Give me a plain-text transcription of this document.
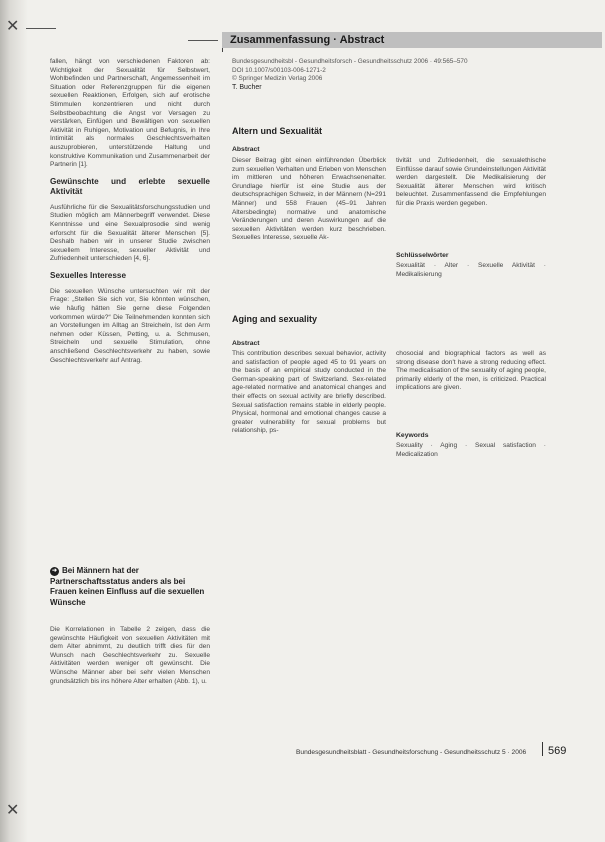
✕
✕
Zusammenfassung · Abstract
Bundesgesundheitsbl - Gesundheitsforsch - Gesundheitsschutz 2006 · 49:565–570
DOI 10.1007/s00103-006-1271-2
© Springer Medizin Verlag 2006
T. Bucher
Altern und Sexualität
Abstract

Dieser Beitrag gibt einen einführenden Überblick zum sexuellen Verhalten und Erleben von Menschen im mittleren und höheren Erwachsenenalter. Grundlage hierfür ist eine Studie aus der deutschsprachigen Schweiz, in der Männern (N=291 Männer) und 558 Frauen (45–91 Jahren Altersbedingte) normative und anatomische Veränderungen und deren Auswirkungen auf die sexuellen Aktivitäten werden kurz beschrieben. Sexuelles Interesse, sexuelle Ak-

tivität und Zufriedenheit, die sexualethische Einflüsse darauf sowie Grundeinstellungen Aktivität werden dargestellt. Die Medikalisierung der Sexualität älterer Menschen wird kritisch beleuchtet. Zusammenfassend die Empfehlungen für die Praxis werden gegeben.

Schlüsselwörter
Sexualität · Alter · Sexuelle Aktivität · Medikalisierung
Aging and sexuality
Abstract

This contribution describes sexual behavior, activity and satisfaction of people aged 45 to 91 years on the basis of an empirical study conducted in the German-speaking part of Switzerland. Sex-related age-related normative and anatomical changes and their effects on sexual activity are briefly described. Sexual satisfaction remains stable in elderly people. Physical, hormonal and emotional changes cause a greater vulnerability for sexual problems but relationship, ps-

chosocial and biographical factors as well as strong disease don't have a strong reducing effect. The medicalisation of the sexuality of aging people, primarily elderly of the men, is criticized. Practical implications are given.

Keywords
Sexuality · Aging · Sexual satisfaction · Medicalization

fallen, hängt von verschiedenen Faktoren ab: Wichtigkeit der Sexualität für Selbstwert, Wohlbefinden und Partnerschaft, Angemessenheit im Situation oder Referenzgruppen für die eigenen sexuellen Reaktionen, Erfolgen, sich auf erotische Stimmulen konzentrieren und nicht durch Selbstbeobachtung die Angst vor Versagen zu verstärken, Einfügen und Bewältigen von sexuellen Aktivität in Ruhigen, Motivation und Befugnis, in Ihre Intimität als normales Geschlechtsverhalten auszuprobieren, unterstützende Haltung und konstruktive Kommunikation und Zusammenarbeit der Partnerin [1].

Gewünschte und erlebte sexuelle Aktivität

Ausführliche für die Sexualitätsforschungsstudien und Studien möglich am Männerbegriff verwendet. Diese Kenntnisse und eine Sexualprosodie sind wenig erforscht für die Sexualität älterer Menschen [5]. Deshalb haben wir in unserer Studie zwischen sexuellem Interesse, sexueller Aktivität und Zufriedenheit unterschieden [4, 6].

Sexuelles Interesse

Die sexuellen Wünsche untersuchten wir mit der Frage: „Stellen Sie sich vor, Sie könnten wünschen, wie häufig hätten Sie gerne diese Folgenden vorkommen würde?“ Die Teilnehmenden konnten sich an Vorstellungen im Alltag an Streicheln, Ist den Arm nehmen oder Küssen, Petting, u. a. Schmusen, Streicheln und sexuelle Stimulation, ohne anschließend Geschlechtsverkehr zu haben, sowie Geschlechtsverkehr auf Antrag.

➜ Bei Männern hat der Partnerschaftsstatus anders als bei Frauen keinen Einfluss auf die sexuellen Wünsche

Die Korrelationen in Tabelle 2 zeigen, dass die gewünschte Häufigkeit von sexuellen Aktivitäten mit dem Alter abnimmt, zu deutlich trifft dies für den Wunsch nach Geschlechtsverkehr zu. Sexuelle Aktivitäten werden weniger oft gewünscht. Die Wünsche Männer aber bei sehr vielen Menschen grundsätzlich bis ins höhere Alter erhalten (Abb. 1), u.

Bundesgesundheitsblatt - Gesundheitsforschung - Gesundheitsschutz 5 · 2006 569
